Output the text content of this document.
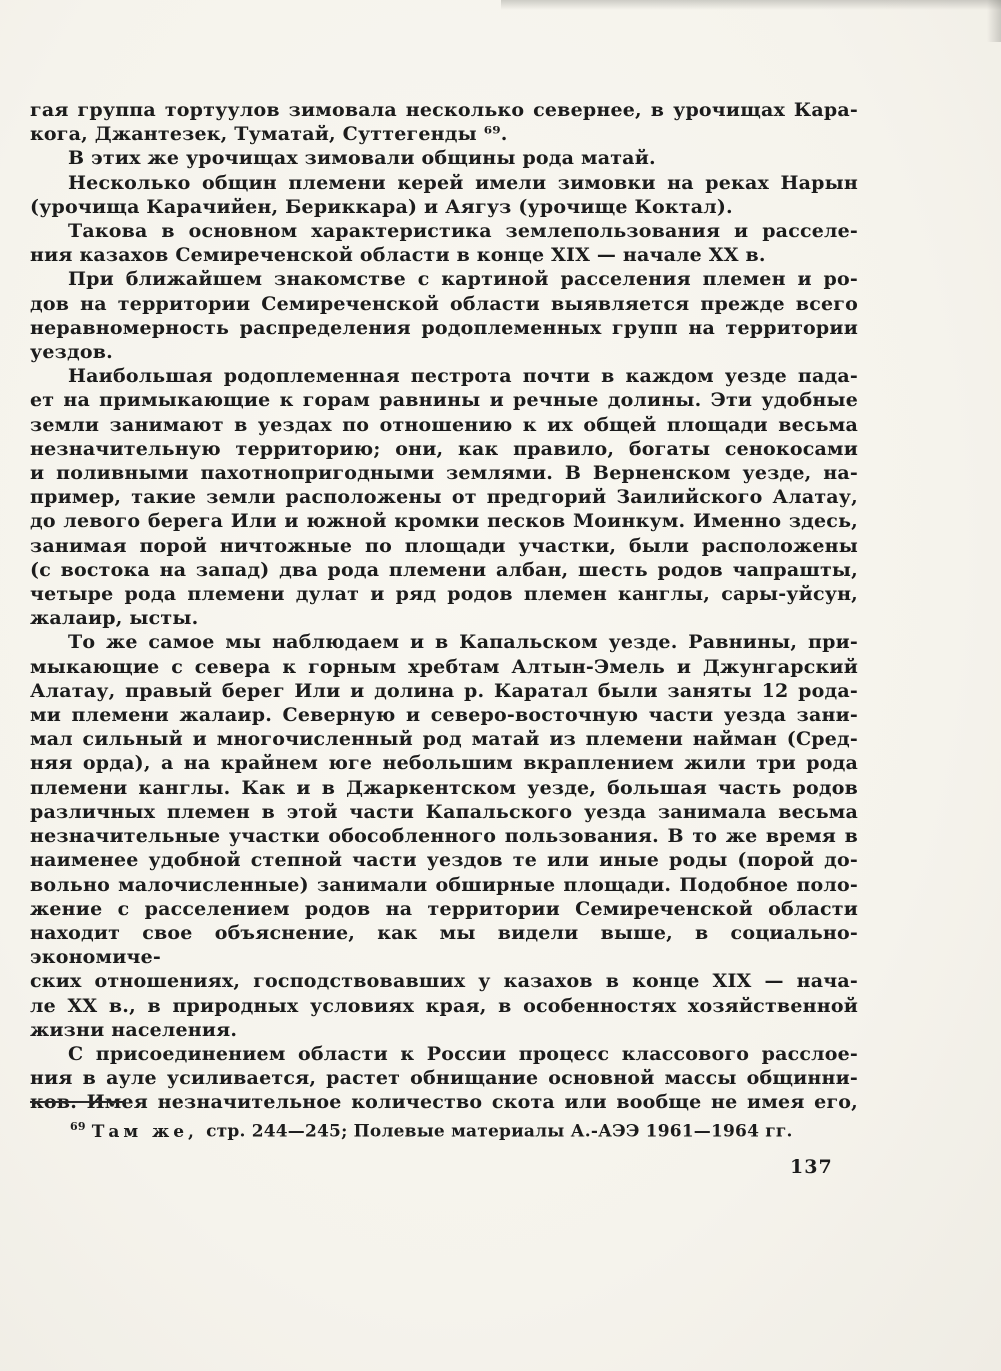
гая группа тортуулов зимовала несколько севернее, в урочищах Кара-
кога, Джантезек, Туматай, Суттегенды ⁶⁹.
В этих же урочищах зимовали общины рода матай.
Несколько общин племени керей имели зимовки на реках Нарын
(урочища Карачийен, Бериккара) и Аягуз (урочище Коктал).
Такова в основном характеристика землепользования и расселе-
ния казахов Семиреченской области в конце XIX — начале XX в.
При ближайшем знакомстве с картиной расселения племен и ро-
дов на территории Семиреченской области выявляется прежде всего
неравномерность распределения родоплеменных групп на территории
уездов.
Наибольшая родоплеменная пестрота почти в каждом уезде пада-
ет на примыкающие к горам равнины и речные долины. Эти удобные
земли занимают в уездах по отношению к их общей площади весьма
незначительную территорию; они, как правило, богаты сенокосами
и поливными пахотнопригодными землями. В Верненском уезде, на-
пример, такие земли расположены от предгорий Заилийского Алатау,
до левого берега Или и южной кромки песков Моинкум. Именно здесь,
занимая порой ничтожные по площади участки, были расположены
(с востока на запад) два рода племени албан, шесть родов чапрашты,
четыре рода племени дулат и ряд родов племен канглы, сары-уйсун,
жалаир, ысты.
То же самое мы наблюдаем и в Капальском уезде. Равнины, при-
мыкающие с севера к горным хребтам Алтын-Эмель и Джунгарский
Алатау, правый берег Или и долина р. Каратал были заняты 12 рода-
ми племени жалаир. Северную и северо-восточную части уезда зани-
мал сильный и многочисленный род матай из племени найман (Сред-
няя орда), а на крайнем юге небольшим вкраплением жили три рода
племени канглы. Как и в Джаркентском уезде, большая часть родов
различных племен в этой части Капальского уезда занимала весьма
незначительные участки обособленного пользования. В то же время в
наименее удобной степной части уездов те или иные роды (порой до-
вольно малочисленные) занимали обширные площади. Подобное поло-
жение с расселением родов на территории Семиреченской области
находит свое объяснение, как мы видели выше, в социально-экономиче-
ских отношениях, господствовавших у казахов в конце XIX — нача-
ле XX в., в природных условиях края, в особенностях хозяйственной
жизни населения.
С присоединением области к России процесс классового расслое-
ния в ауле усиливается, растет обнищание основной массы общинни-
ков. Имея незначительное количество скота или вообще не имея его,
$^{69}$ Там же, стр. 244—245; Полевые материалы А.-АЭЭ 1961—1964 гг.
137
